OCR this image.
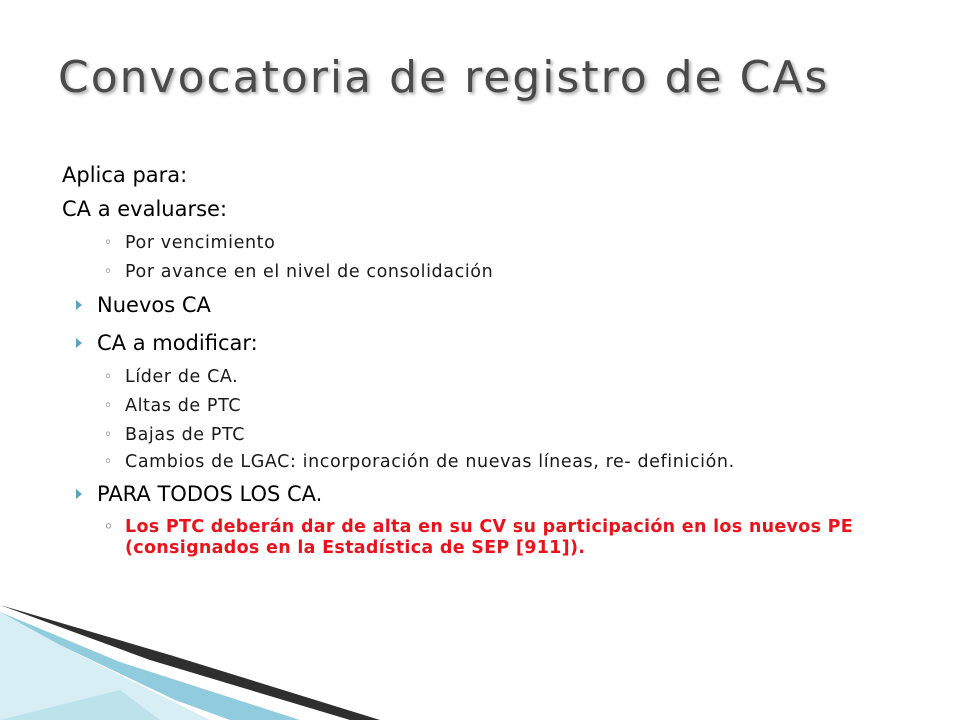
Convocatoria de registro de CAs
Aplica para:
CA a evaluarse:
◦ Por vencimiento
◦ Por avance en el nivel de consolidación
Nuevos CA
CA a modificar:
◦ Líder de CA.
◦ Altas de PTC
◦ Bajas de PTC
◦ Cambios de LGAC: incorporación de nuevas líneas, re- definición.
PARA TODOS LOS CA.
◦ Los PTC deberán dar de alta en su CV su participación en los nuevos PE (consignados en la Estadística de SEP [911]).
